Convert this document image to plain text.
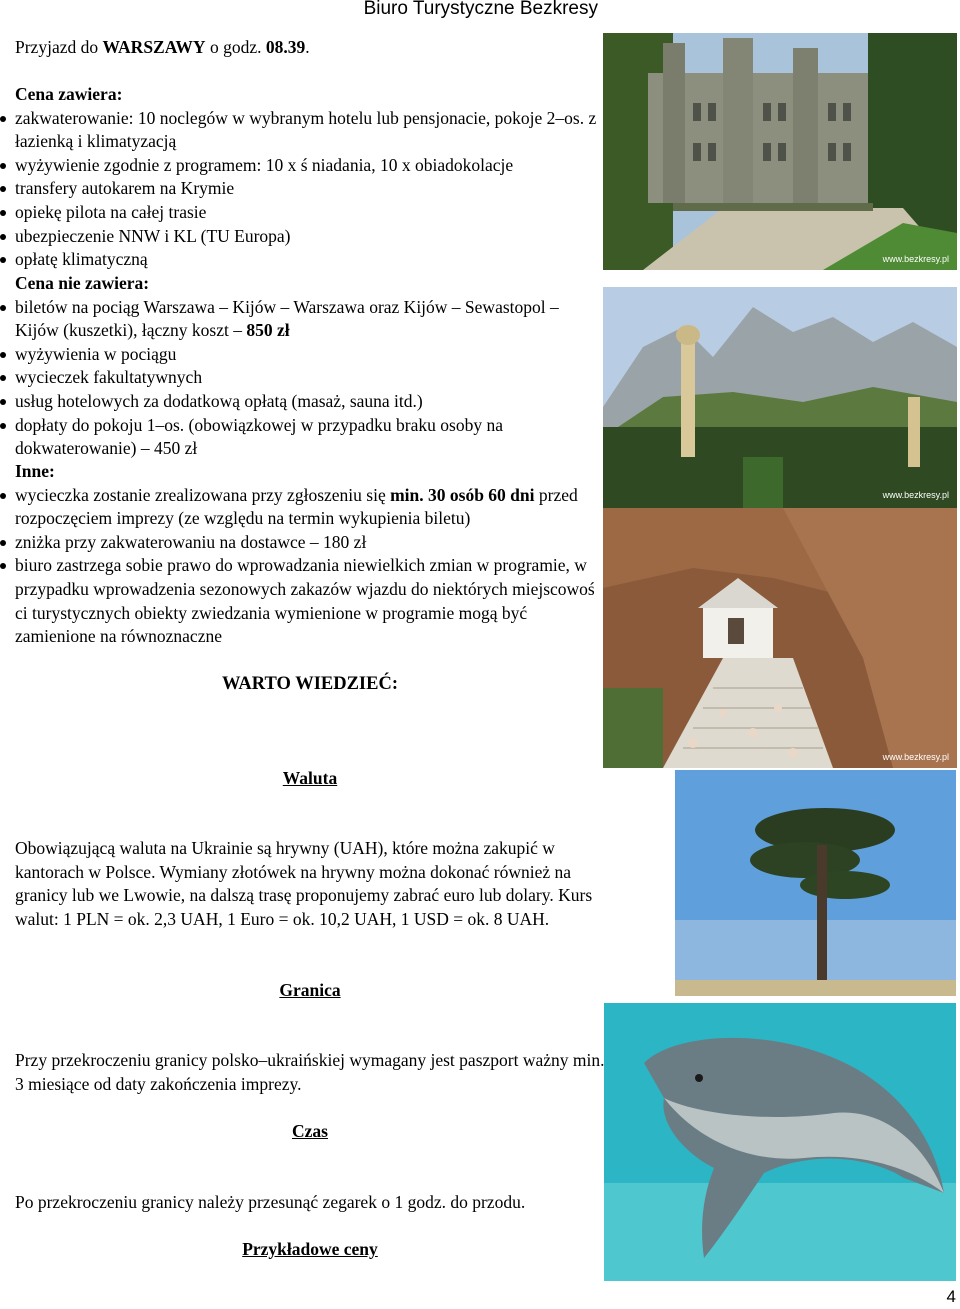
Biuro Turystyczne Bezkresy
Przyjazd do WARSZAWY o godz. 08.39.

Cena zawiera:

zakwaterowanie: 10 noclegów w wybranym hotelu lub pensjonacie, pokoje 2–os. z łazienką i klimatyzacją
wyżywienie zgodnie z programem: 10 x ś niadania, 10 x obiadokolacje
transfery autokarem na Krymie
opiekę pilota na całej trasie
ubezpieczenie NNW i KL (TU Europa)
opłatę klimatyczną

Cena nie zawiera:

biletów na pociąg Warszawa – Kijów – Warszawa oraz Kijów – Sewastopol – Kijów (kuszetki), łączny koszt – 850 zł
wyżywienia w pociągu
wycieczek fakultatywnych
usług hotelowych za dodatkową opłatą (masaż, sauna itd.)
dopłaty do pokoju 1–os. (obowiązkowej w przypadku braku osoby na dokwaterowanie) – 450 zł

Inne:

wycieczka zostanie zrealizowana przy zgłoszeniu się min. 30 osób 60 dni przed rozpoczęciem imprezy (ze względu na termin wykupienia biletu)
zniżka przy zakwaterowaniu na dostawce – 180 zł
biuro zastrzega sobie prawo do wprowadzania niewielkich zmian w programie, w przypadku wprowadzenia sezonowych zakazów wjazdu do niektórych miejscowoś ci turystycznych obiekty zwiedzania wymienione w programie mogą być zamienione na równoznaczne
WARTO WIEDZIEĆ:
Waluta
Obowiązującą waluta na Ukrainie są hrywny (UAH), które można zakupić w kantorach w Polsce. Wymiany złotówek na hrywny można dokonać również na granicy lub we Lwowie, na dalszą trasę proponujemy zabrać euro lub dolary. Kurs walut: 1 PLN = ok. 2,3 UAH, 1 Euro = ok. 10,2 UAH, 1 USD = ok. 8 UAH.
Granica
Przy przekroczeniu granicy polsko–ukraińskiej wymagany jest paszport ważny min. 3 miesiące od daty zakończenia imprezy.
Czas
Po przekroczeniu granicy należy przesunąć zegarek o 1 godz. do przodu.
Przykładowe ceny
www.bezkresy.pl
www.bezkresy.pl
www.bezkresy.pl
4
